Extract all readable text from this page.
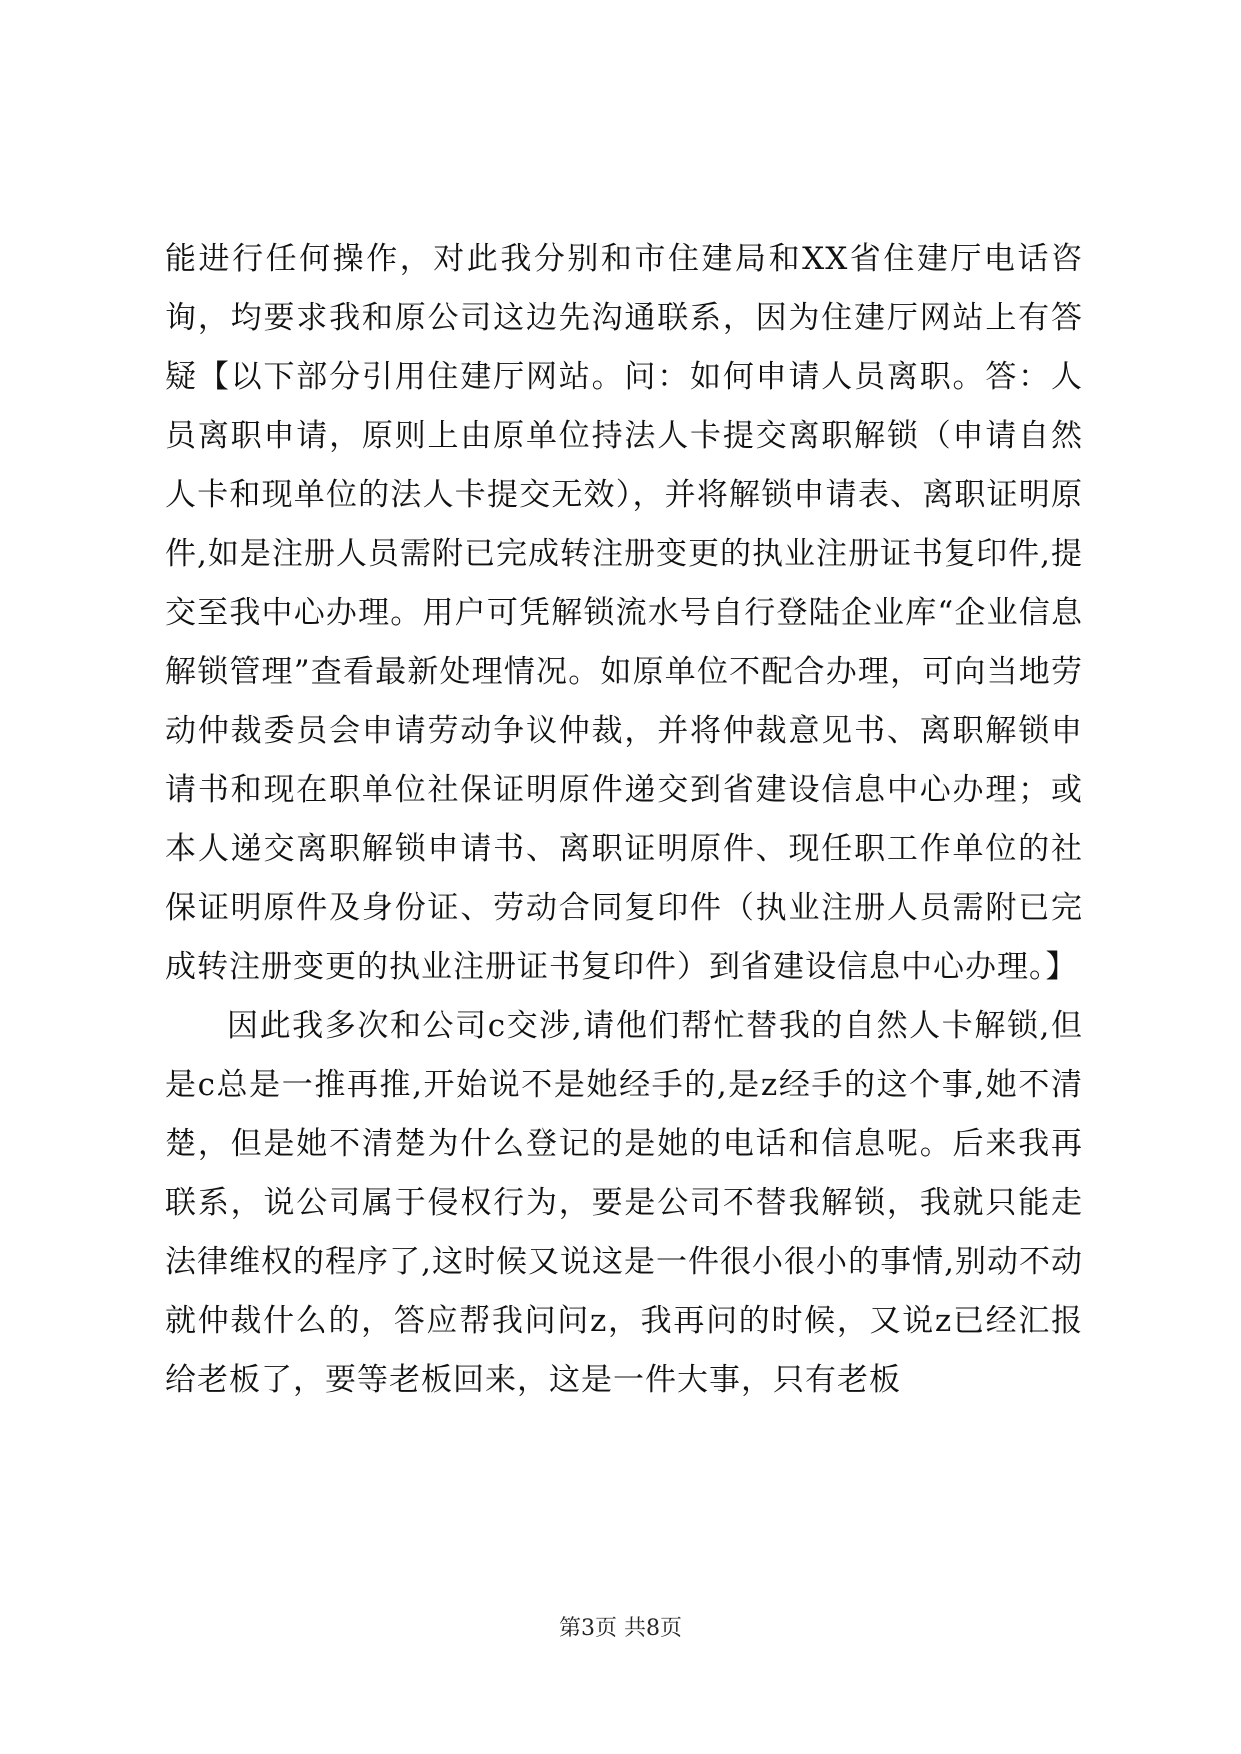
能进行任何操作，对此我分别和市住建局和XX省住建厅电话咨询，均要求我和原公司这边先沟通联系，因为住建厅网站上有答疑【以下部分引用住建厅网站。问：如何申请人员离职。答：人员离职申请，原则上由原单位持法人卡提交离职解锁（申请自然人卡和现单位的法人卡提交无效），并将解锁申请表、离职证明原件,如是注册人员需附已完成转注册变更的执业注册证书复印件,提交至我中心办理。用户可凭解锁流水号自行登陆企业库“企业信息解锁管理”查看最新处理情况。如原单位不配合办理，可向当地劳动仲裁委员会申请劳动争议仲裁，并将仲裁意见书、离职解锁申请书和现在职单位社保证明原件递交到省建设信息中心办理；或本人递交离职解锁申请书、离职证明原件、现任职工作单位的社保证明原件及身份证、劳动合同复印件（执业注册人员需附已完成转注册变更的执业注册证书复印件）到省建设信息中心办理。】

因此我多次和公司c交涉,请他们帮忙替我的自然人卡解锁,但是c总是一推再推,开始说不是她经手的,是z经手的这个事,她不清楚，但是她不清楚为什么登记的是她的电话和信息呢。后来我再联系，说公司属于侵权行为，要是公司不替我解锁，我就只能走法律维权的程序了,这时候又说这是一件很小很小的事情,别动不动就仲裁什么的，答应帮我问问z，我再问的时候，又说z已经汇报给老板了，要等老板回来，这是一件大事，只有老板

第3页 共8页
